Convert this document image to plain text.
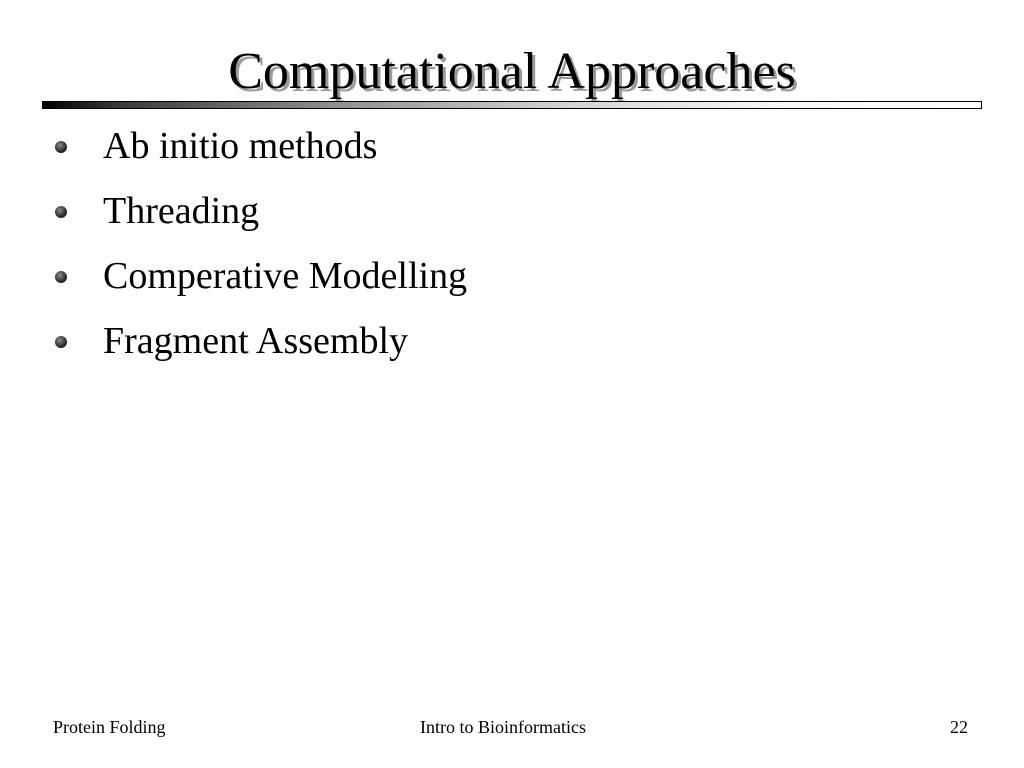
Computational Approaches
Ab initio methods
Threading
Comperative Modelling
Fragment Assembly
Protein Folding	Intro to Bioinformatics	22
